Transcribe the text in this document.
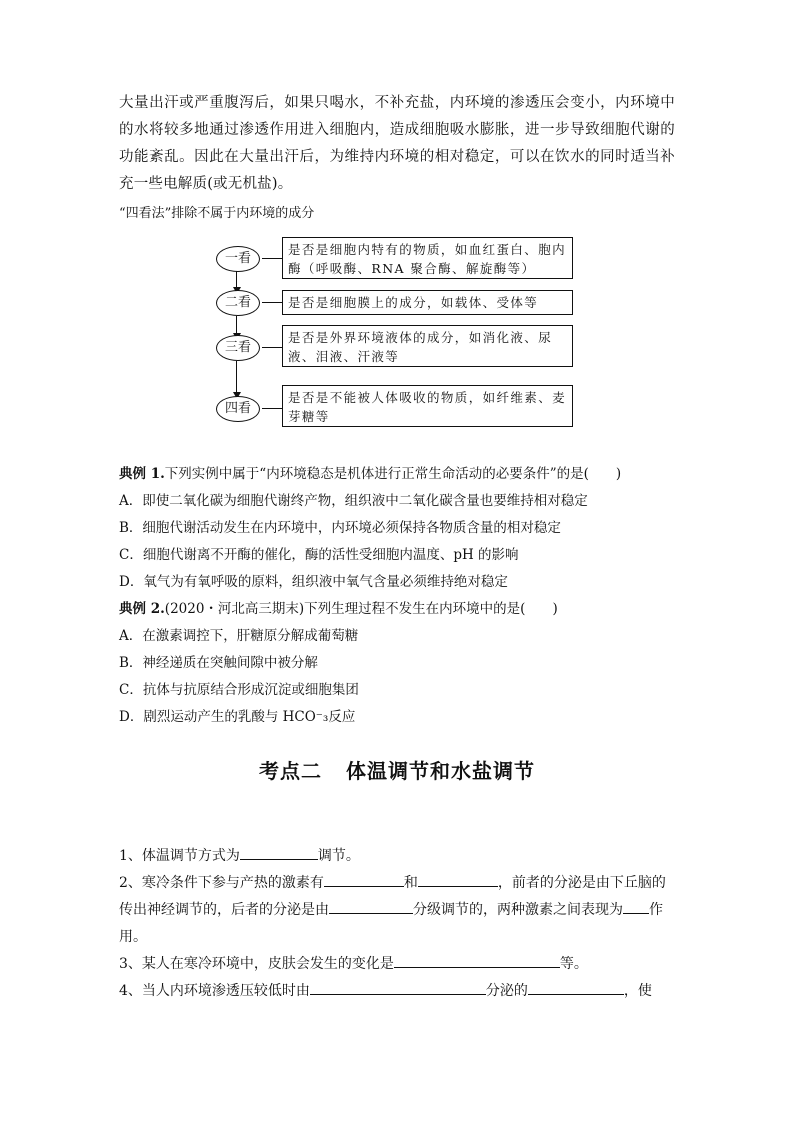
大量出汗或严重腹泻后，如果只喝水，不补充盐，内环境的渗透压会变小，内环境中的水将较多地通过渗透作用进入细胞内，造成细胞吸水膨胀，进一步导致细胞代谢的功能紊乱。因此在大量出汗后，为维持内环境的相对稳定，可以在饮水的同时适当补充一些电解质(或无机盐)。
“四看法”排除不属于内环境的成分
一看
二看
三看
四看
是否是细胞内特有的物质，如血红蛋白、胞内酶（呼吸酶、RNA 聚合酶、解旋酶等）
是否是细胞膜上的成分，如载体、受体等
是否是外界环境液体的成分，如消化液、尿液、泪液、汗液等
是否是不能被人体吸收的物质，如纤维素、麦芽糖等

典例 1.下列实例中属于“内环境稳态是机体进行正常生命活动的必要条件”的是(　　)

A．即使二氧化碳为细胞代谢终产物，组织液中二氧化碳含量也要维持相对稳定

B．细胞代谢活动发生在内环境中，内环境必须保持各物质含量的相对稳定

C．细胞代谢离不开酶的催化，酶的活性受细胞内温度、pH 的影响

D．氧气为有氧呼吸的原料，组织液中氧气含量必须维持绝对稳定

典例 2.(2020・河北高三期末)下列生理过程不发生在内环境中的是(　　)

A．在激素调控下，肝糖原分解成葡萄糖

B．神经递质在突触间隙中被分解

C．抗体与抗原结合形成沉淀或细胞集团

D．剧烈运动产生的乳酸与 HCO⁻₃反应

考点二 体温调节和水盐调节

1、体温调节方式为	调节。

2、寒冷条件下参与产热的激素有	和	，前者的分泌是由下丘脑的传出神经调节的，后者的分泌是由	分级调节的，两种激素之间表现为 作用。

3、某人在寒冷环境中，皮肤会发生的变化是	等。

4、当人内环境渗透压较低时由	分泌的	，使
